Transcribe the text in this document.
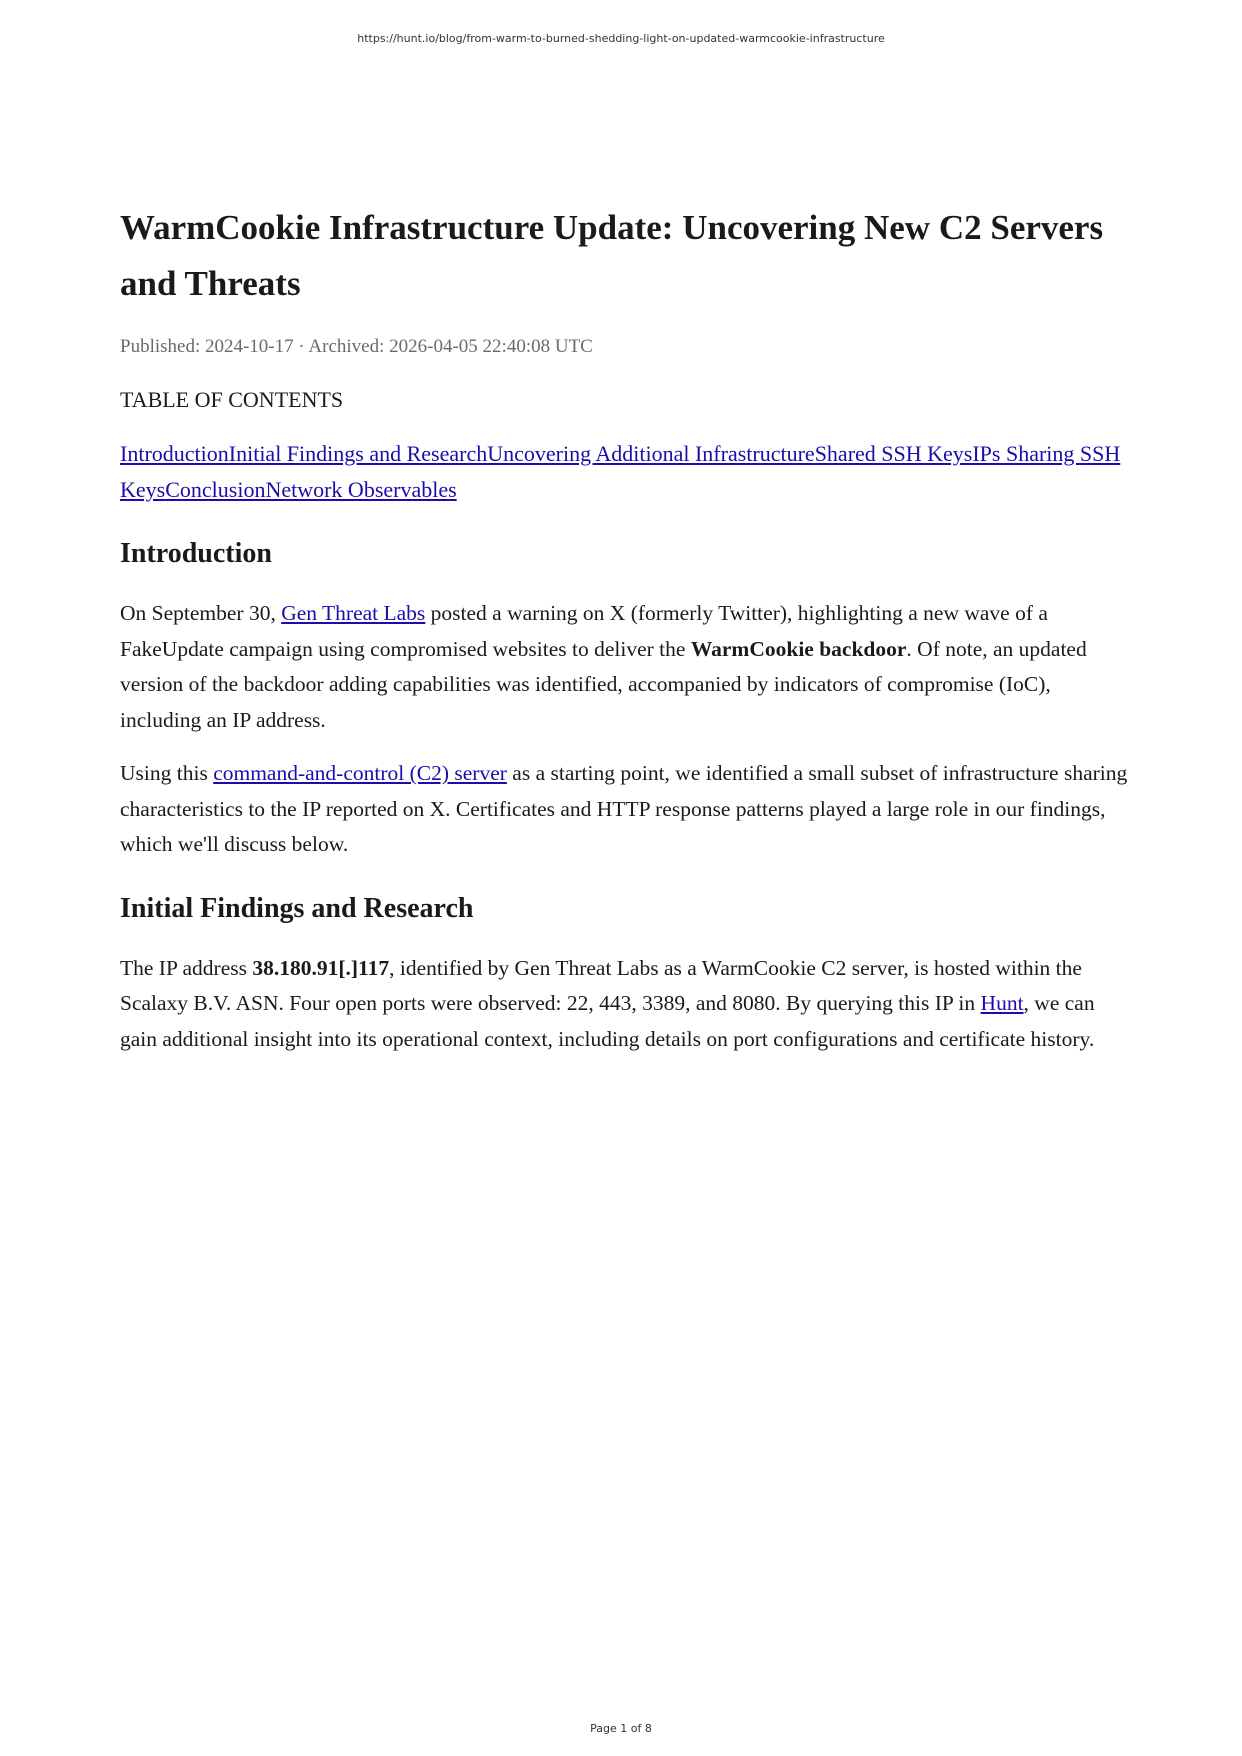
https://hunt.io/blog/from-warm-to-burned-shedding-light-on-updated-warmcookie-infrastructure
WarmCookie Infrastructure Update: Uncovering New C2 Servers and Threats
Published: 2024-10-17 · Archived: 2026-04-05 22:40:08 UTC
TABLE OF CONTENTS
IntroductionInitial Findings and ResearchUncovering Additional InfrastructureShared SSH KeysIPs Sharing SSH KeysConclusionNetwork Observables
Introduction

On September 30, Gen Threat Labs posted a warning on X (formerly Twitter), highlighting a new wave of a FakeUpdate campaign using compromised websites to deliver the WarmCookie backdoor. Of note, an updated version of the backdoor adding capabilities was identified, accompanied by indicators of compromise (IoC), including an IP address.

Using this command-and-control (C2) server as a starting point, we identified a small subset of infrastructure sharing characteristics to the IP reported on X. Certificates and HTTP response patterns played a large role in our findings, which we'll discuss below.

Initial Findings and Research

The IP address 38.180.91[.]117, identified by Gen Threat Labs as a WarmCookie C2 server, is hosted within the Scalaxy B.V. ASN. Four open ports were observed: 22, 443, 3389, and 8080. By querying this IP in Hunt, we can gain additional insight into its operational context, including details on port configurations and certificate history.

Page 1 of 8
